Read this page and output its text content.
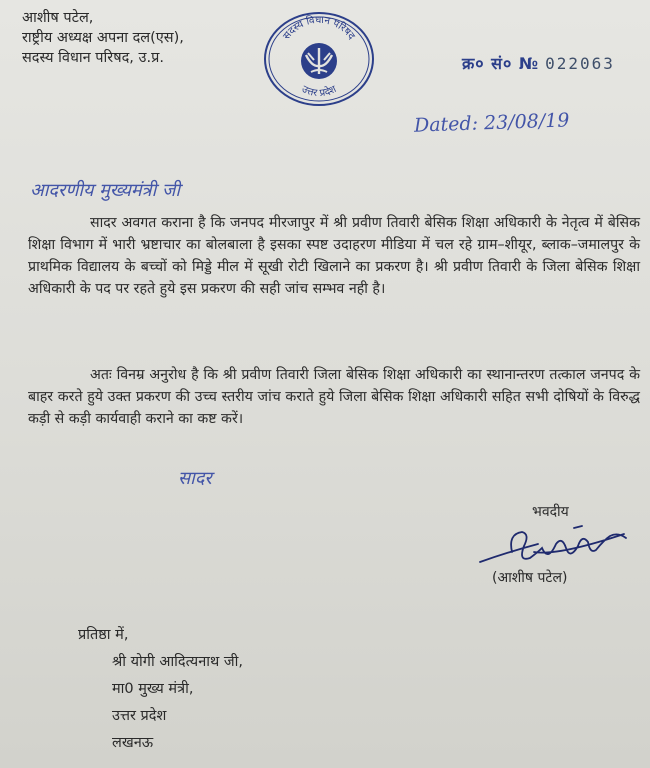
आशीष पटेल,
राष्ट्रीय अध्यक्ष अपना दल(एस),
सदस्य विधान परिषद, उ.प्र.
सदस्य विधान परिषद
उत्तर प्रदेश
क्र० सं० № 022063
Dated: 23/08/19
आदरणीय मुख्यमंत्री जी
सादर अवगत कराना है कि जनपद मीरजापुर में श्री प्रवीण तिवारी बेसिक शिक्षा अधिकारी के नेतृत्व में बेसिक शिक्षा विभाग में भारी भ्रष्टाचार का बोलबाला है इसका स्पष्ट उदाहरण मीडिया में चल रहे ग्राम–शीयूर, ब्लाक–जमालपुर के प्राथमिक विद्यालय के बच्चों को मिड्डे मील में सूखी रोटी खिलाने का प्रकरण है। श्री प्रवीण तिवारी के जिला बेसिक शिक्षा अधिकारी के पद पर रहते हुये इस प्रकरण की सही जांच सम्भव नही है।
अतः विनम्र अनुरोध है कि श्री प्रवीण तिवारी जिला बेसिक शिक्षा अधिकारी का स्थानान्तरण तत्काल जनपद के बाहर करते हुये उक्त प्रकरण की उच्च स्तरीय जांच कराते हुये जिला बेसिक शिक्षा अधिकारी सहित सभी दोषियों के विरुद्ध कड़ी से कड़ी कार्यवाही कराने का कष्ट करें।
सादर
भवदीय
(आशीष पटेल)
प्रतिष्ठा में,
श्री योगी आदित्यनाथ जी,
मा0 मुख्य मंत्री,
उत्तर प्रदेश
लखनऊ
